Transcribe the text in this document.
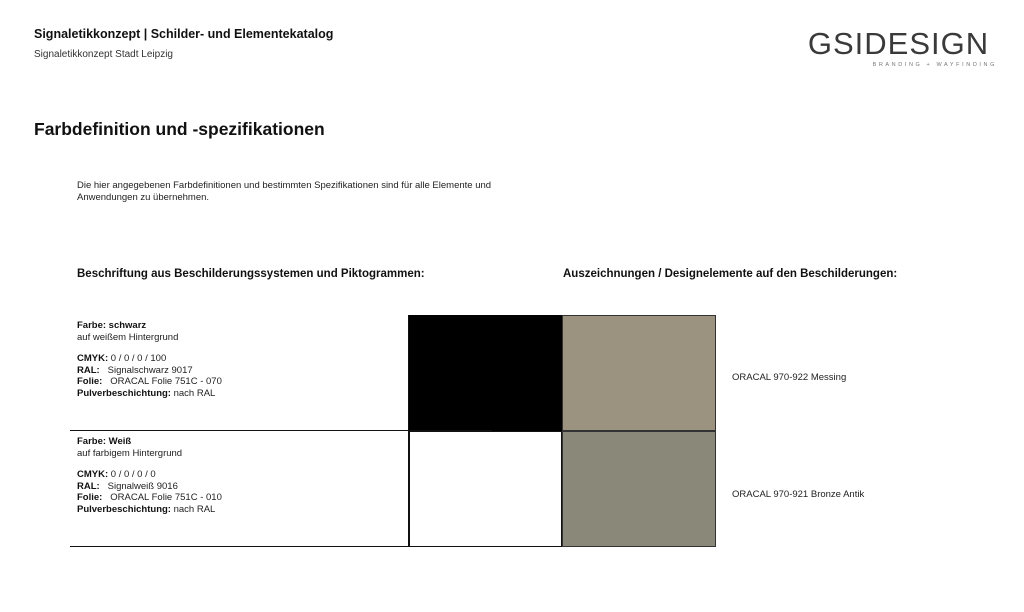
Signaletikkonzept | Schilder- und Elementekatalog
Signaletikkonzept Stadt Leipzig	GSIDESIGN
BRANDING + WAYFINDING
Farbdefinition und -spezifikationen
Die hier angegebenen Farbdefinitionen und bestimmten Spezifikationen sind für alle Elemente und Anwendungen zu übernehmen.
Beschriftung aus Beschilderungssystemen und Piktogrammen:	Auszeichnungen / Designelemente auf den Beschilderungen:
Farbe: schwarz
auf weißem Hintergrund
CMYK: 0 / 0 / 0 / 100
RAL: Signalschwarz 9017
Folie: ORACAL Folie 751C - 070
Pulverbeschichtung: nach RAL
Farbe: Weiß
auf farbigem Hintergrund
CMYK: 0 / 0 / 0 / 0
RAL: Signalweiß 9016
Folie: ORACAL Folie 751C - 010
Pulverbeschichtung: nach RAL
ORACAL 970-922 Messing
ORACAL 970-921 Bronze Antik
